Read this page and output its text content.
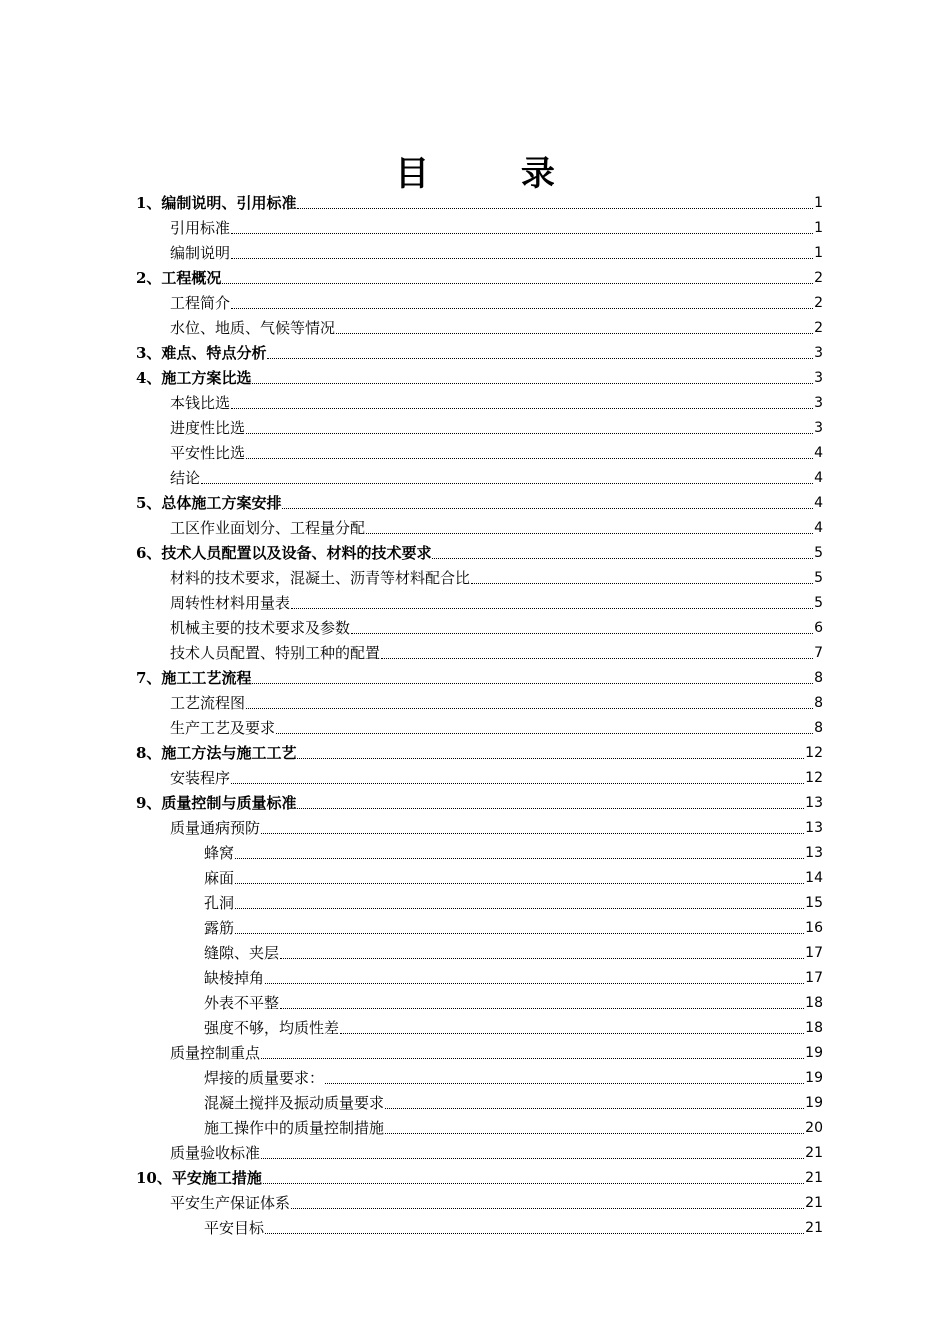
目 录
1、编制说明、引用标准	1
引用标准	1
编制说明	1
2、工程概况	2
工程简介	2
水位、地质、气候等情况	2
3、难点、特点分析	3
4、施工方案比选	3
本钱比选	3
进度性比选	3
平安性比选	4
结论	4
5、总体施工方案安排	4
工区作业面划分、工程量分配	4
6、技术人员配置以及设备、材料的技术要求	5
材料的技术要求，混凝土、沥青等材料配合比	5
周转性材料用量表	5
机械主要的技术要求及参数	6
技术人员配置、特别工种的配置	7
7、施工工艺流程	8
工艺流程图	8
生产工艺及要求	8
8、施工方法与施工工艺	12
安装程序	12
9、质量控制与质量标准	13
质量通病预防	13
蜂窝	13
麻面	14
孔洞	15
露筋	16
缝隙、夹层	17
缺棱掉角	17
外表不平整	18
强度不够，均质性差	18
质量控制重点	19
焊接的质量要求：	19
混凝土搅拌及振动质量要求	19
施工操作中的质量控制措施	20
质量验收标准	21
10、平安施工措施	21
平安生产保证体系	21
平安目标	21
